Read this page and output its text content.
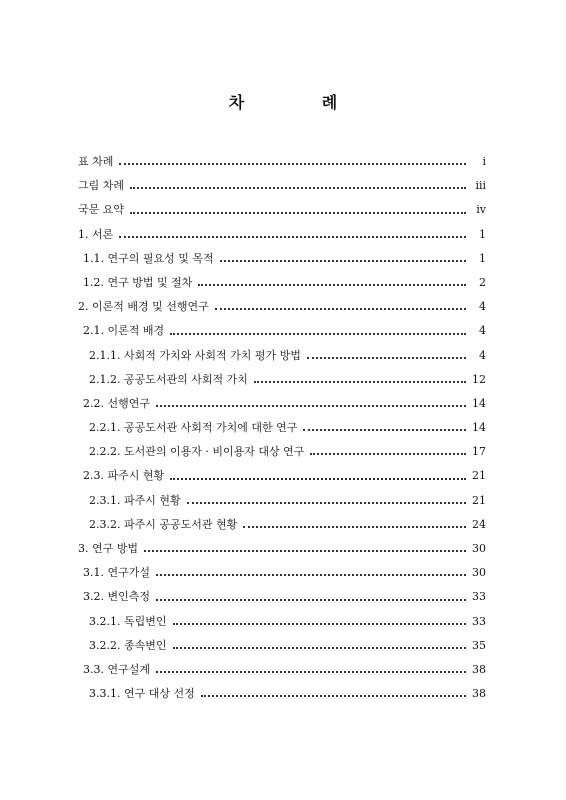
차 례
표 차례	i
그림 차례	iii
국문 요약	iv
1. 서론	1
1.1. 연구의 필요성 및 목적	1
1.2. 연구 방법 및 절차	2
2. 이론적 배경 및 선행연구	4
2.1. 이론적 배경	4
2.1.1. 사회적 가치와 사회적 가치 평가 방법	4
2.1.2. 공공도서관의 사회적 가치	12
2.2. 선행연구	14
2.2.1. 공공도서관 사회적 가치에 대한 연구	14
2.2.2. 도서관의 이용자 · 비이용자 대상 연구	17
2.3. 파주시 현황	21
2.3.1. 파주시 현황	21
2.3.2. 파주시 공공도서관 현황	24
3. 연구 방법	30
3.1. 연구가설	30
3.2. 변인측정	33
3.2.1. 독립변인	33
3.2.2. 종속변인	35
3.3. 연구설계	38
3.3.1. 연구 대상 선정	38
